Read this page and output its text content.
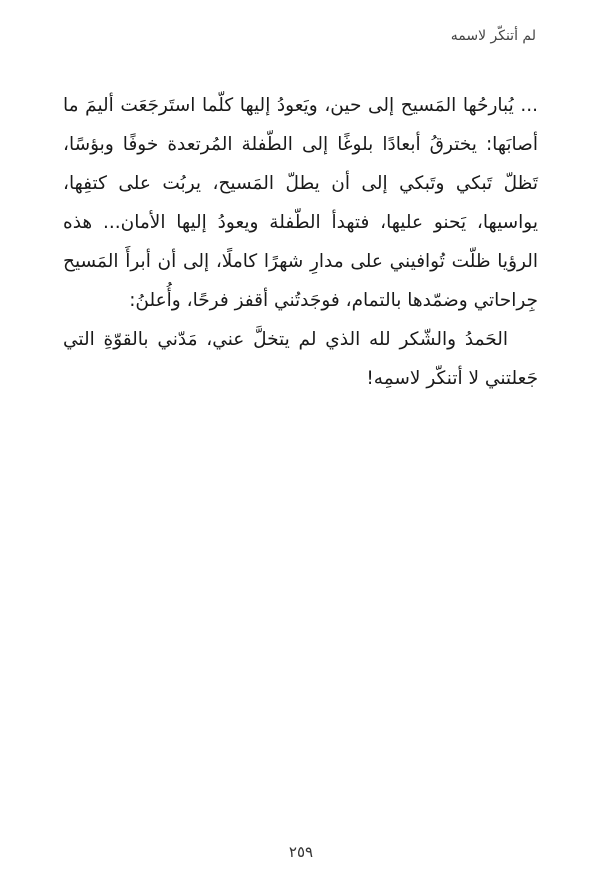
لم أتنكّر لاسمه

... يُبارحُها المَسيح إلى حين، ويَعودُ إليها كلّما استَرجَعَت أليمَ ما أصابَها: يخترقُ أبعادًا بلوغًا إلى الطّفلة المُرتعدة خوفًا وبؤسًا، تَظلّ تَبكي وتَبكي إلى أن يطلّ المَسيح، يربُت على كتفِها، يواسيها، يَحنو عليها، فتهدأ الطّفلة ويعودُ إليها الأمان... هذه الرؤيا ظلّت تُوافيني على مدارِ شهرًا كاملًا، إلى أن أبرأَ المَسيح جِراحاتي وضمّدها بالتمام، فوجَدتُني أقفز فرحًا، وأُعلنُ:

الحَمدُ والشّكر لله الذي لم يتخلَّ عني، مَدّني بالقوّةِ التي جَعلتني لا أتنكّر لاسمِه!

٢٥٩
